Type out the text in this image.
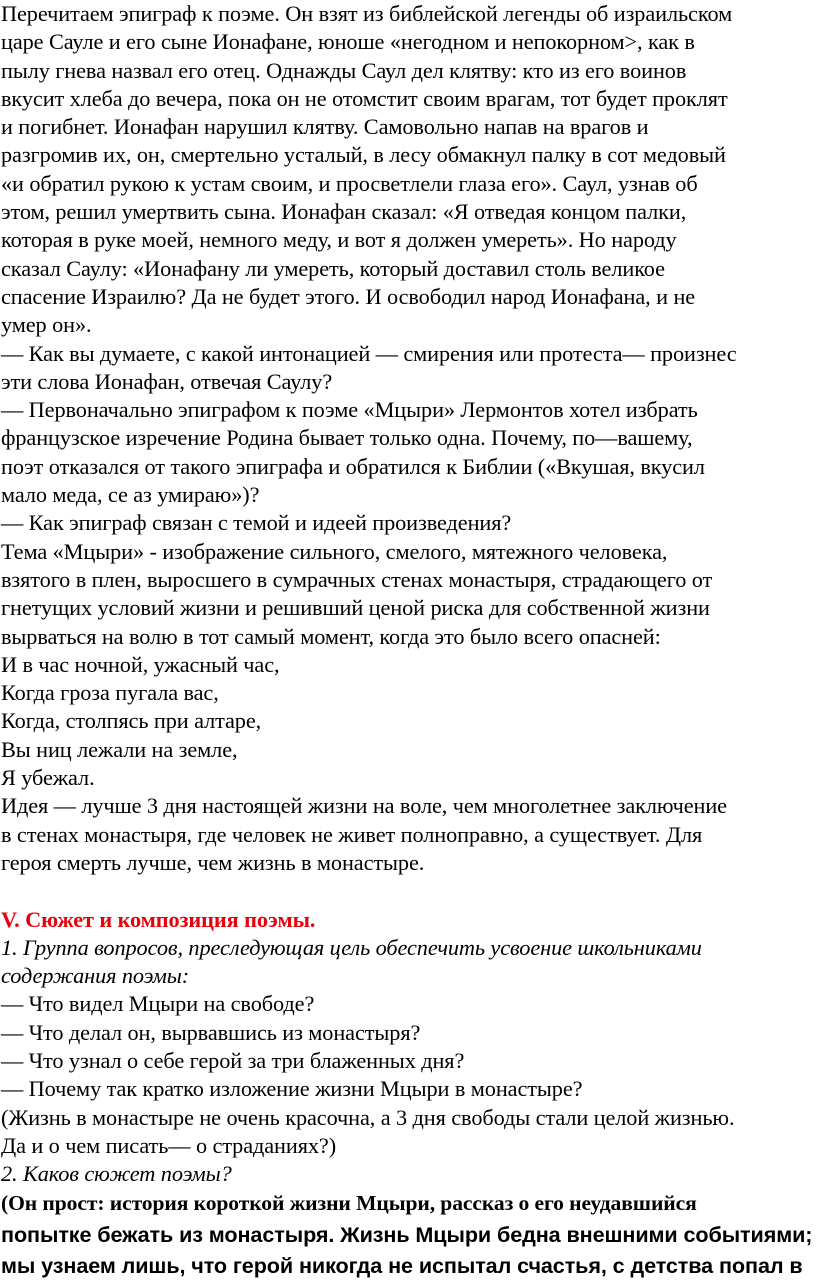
Перечитаем эпиграф к поэме. Он взят из библейской легенды об израильском
царе Сауле и его сыне Ионафане, юноше «негодном и непокорном>, как в
пылу гнева назвал его отец. Однажды Саул дел клятву: кто из его воинов
вкусит хлеба до вечера, пока он не отомстит своим врагам, тот будет проклят
и погибнет. Ионафан нарушил клятву. Самовольно напав на врагов и
разгромив их, он, смертельно усталый, в лесу обмакнул палку в сот медовый
«и обратил рукою к устам своим, и просветлели глаза его». Саул, узнав об
этом, решил умертвить сына. Ионафан сказал: «Я отведая концом палки,
которая в руке моей, немного меду, и вот я должен умереть». Но народу
сказал Саулу: «Ионафану ли умереть, который доставил столь великое
спасение Израилю? Да не будет этого. И освободил народ Ионафана, и не
умер он».
— Как вы думаете, с какой интонацией — смирения или протеста— произнес
эти слова Ионафан, отвечая Саулу?
— Первоначально эпиграфом к поэме «Мцыри» Лермонтов хотел избрать
французское изречение Родина бывает только одна. Почему, по—вашему,
поэт отказался от такого эпиграфа и обратился к Библии («Вкушая, вкусил
мало меда, се аз умираю»)?
— Как эпиграф связан с темой и идеей произведения?
Тема «Мцыри» - изображение сильного, смелого, мятежного человека,
взятого в плен, выросшего в сумрачных стенах монастыря, страдающего от
гнетущих условий жизни и решивший ценой риска для собственной жизни
вырваться на волю в тот самый момент, когда это было всего опасней:
И в час ночной, ужасный час,
Когда гроза пугала вас,
Когда, столпясь при алтаре,
Вы ниц лежали на земле,
Я убежал.
Идея — лучше 3 дня настоящей жизни на воле, чем многолетнее заключение
в стенах монастыря, где человек не живет полноправно, а существует. Для
героя смерть лучше, чем жизнь в монастыре.
V. Сюжет и композиция поэмы.
1. Группа вопросов, преследующая цель обеспечить усвоение школьниками
содержания поэмы:
— Что видел Мцыри на свободе?
— Что делал он, вырвавшись из монастыря?
— Что узнал о себе герой за три блаженных дня?
— Почему так кратко изложение жизни Мцыри в монастыре?
(Жизнь в монастыре не очень красочна, а 3 дня свободы стали целой жизнью.
Да и о чем писать— о страданиях?)
2. Каков сюжет поэмы?
(Он прост: история короткой жизни Мцыри, рассказ о его неудавшийся
попытке бежать из монастыря. Жизнь Мцыри бедна внешними событиями;
мы узнаем лишь, что герой никогда не испытал счастья, с детства попал в
